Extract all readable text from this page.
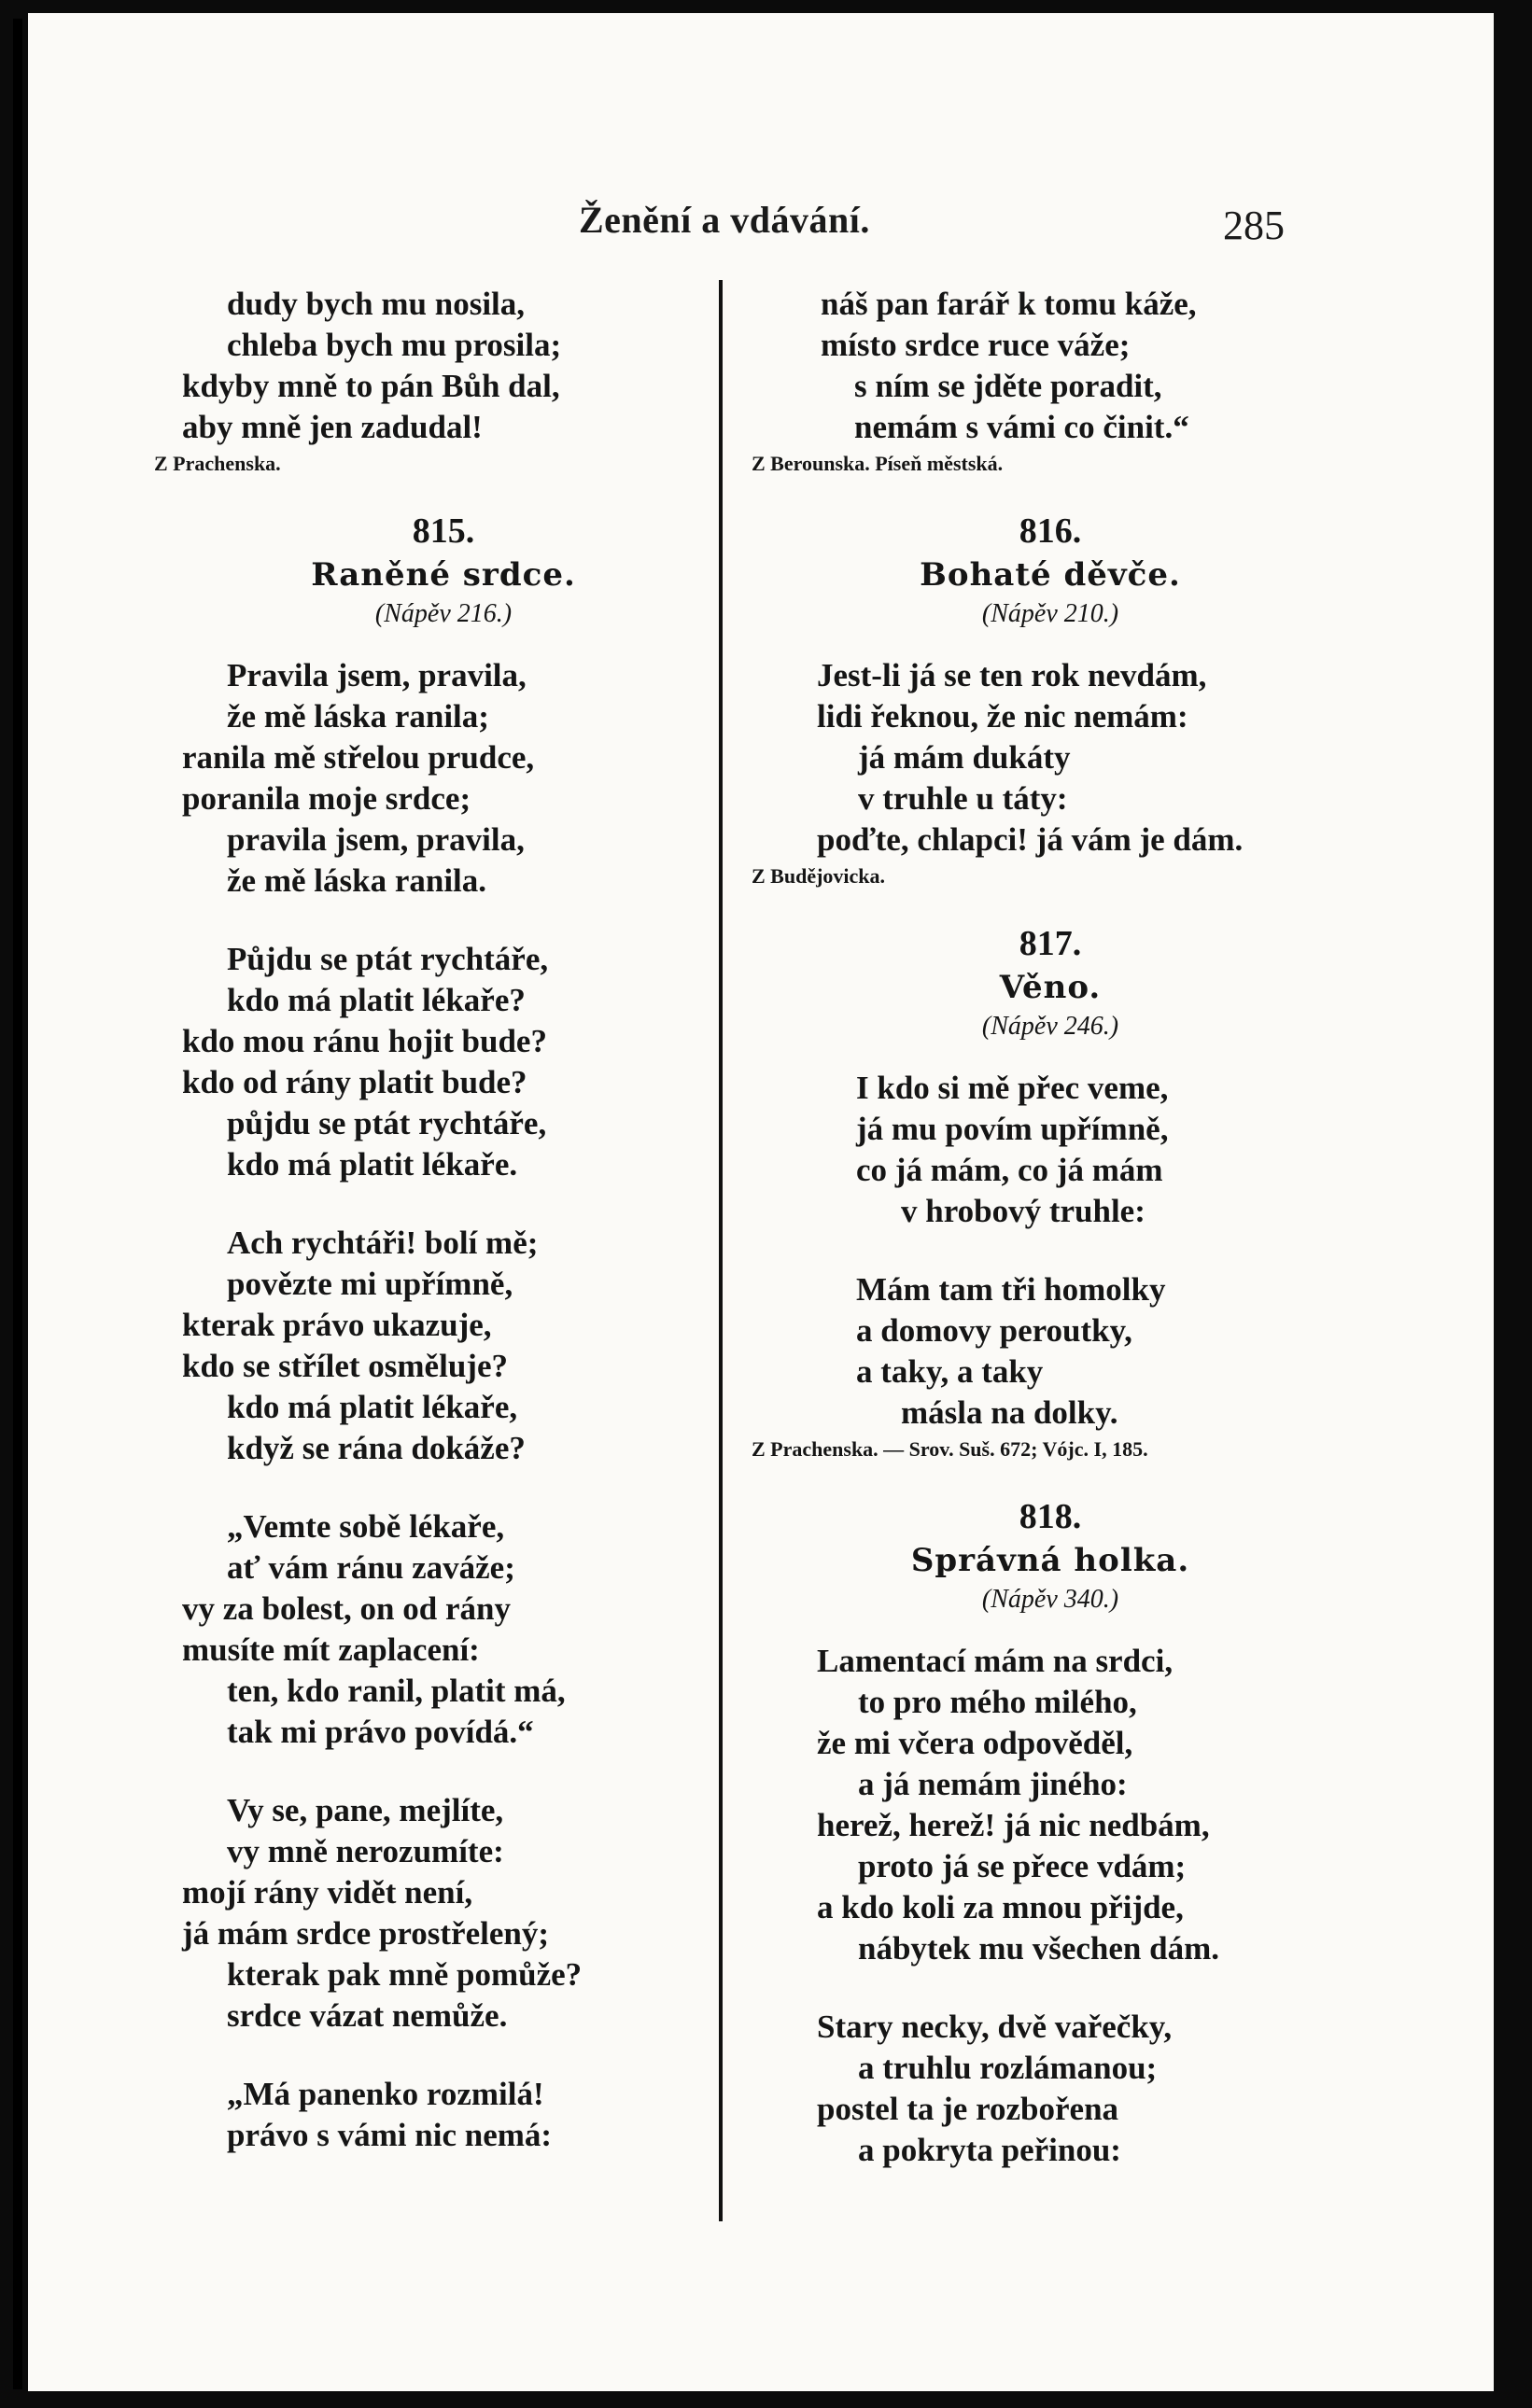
Ženění a vdávání.	285
dudy bych mu nosila,
chleba bych mu prosila;
kdyby mně to pán Bůh dal,
aby mně jen zadudal!
Z Prachenska.
815.
Raněné srdce.
(Nápěv 216.)
Pravila jsem, pravila,
že mě láska ranila;
ranila mě střelou prudce,
poranila moje srdce;
pravila jsem, pravila,
že mě láska ranila.
Půjdu se ptát rychtáře,
kdo má platit lékaře?
kdo mou ránu hojit bude?
kdo od rány platit bude?
půjdu se ptát rychtáře,
kdo má platit lékaře.
Ach rychtáři! bolí mě;
povězte mi upřímně,
kterak právo ukazuje,
kdo se střílet osměluje?
kdo má platit lékaře,
když se rána dokáže?
„Vemte sobě lékaře,
ať vám ránu zaváže;
vy za bolest, on od rány
musíte mít zaplacení:
ten, kdo ranil, platit má,
tak mi právo povídá.“
Vy se, pane, mejlíte,
vy mně nerozumíte:
mojí rány vidět není,
já mám srdce prostřelený;
kterak pak mně pomůže?
srdce vázat nemůže.
„Má panenko rozmilá!
právo s vámi nic nemá:
náš pan farář k tomu káže,
místo srdce ruce váže;
s ním se jděte poradit,
nemám s vámi co činit.“
Z Berounska. Píseň městská.
816.
Bohaté děvče.
(Nápěv 210.)
Jest-li já se ten rok nevdám,
lidi řeknou, že nic nemám:
já mám dukáty
v truhle u táty:
poďte, chlapci! já vám je dám.
Z Budějovicka.
817.
Věno.
(Nápěv 246.)
I kdo si mě přec veme,
já mu povím upřímně,
co já mám, co já mám
v hrobový truhle:
Mám tam tři homolky
a domovy peroutky,
a taky, a taky
másla na dolky.
Z Prachenska. — Srov. Suš. 672; Vójc. I, 185.
818.
Správná holka.
(Nápěv 340.)
Lamentací mám na srdci,
to pro mého milého,
že mi včera odpověděl,
a já nemám jiného:
herež, herež! já nic nedbám,
proto já se přece vdám;
a kdo koli za mnou přijde,
nábytek mu všechen dám.
Stary necky, dvě vařečky,
a truhlu rozlámanou;
postel ta je rozbořena
a pokryta peřinou:
